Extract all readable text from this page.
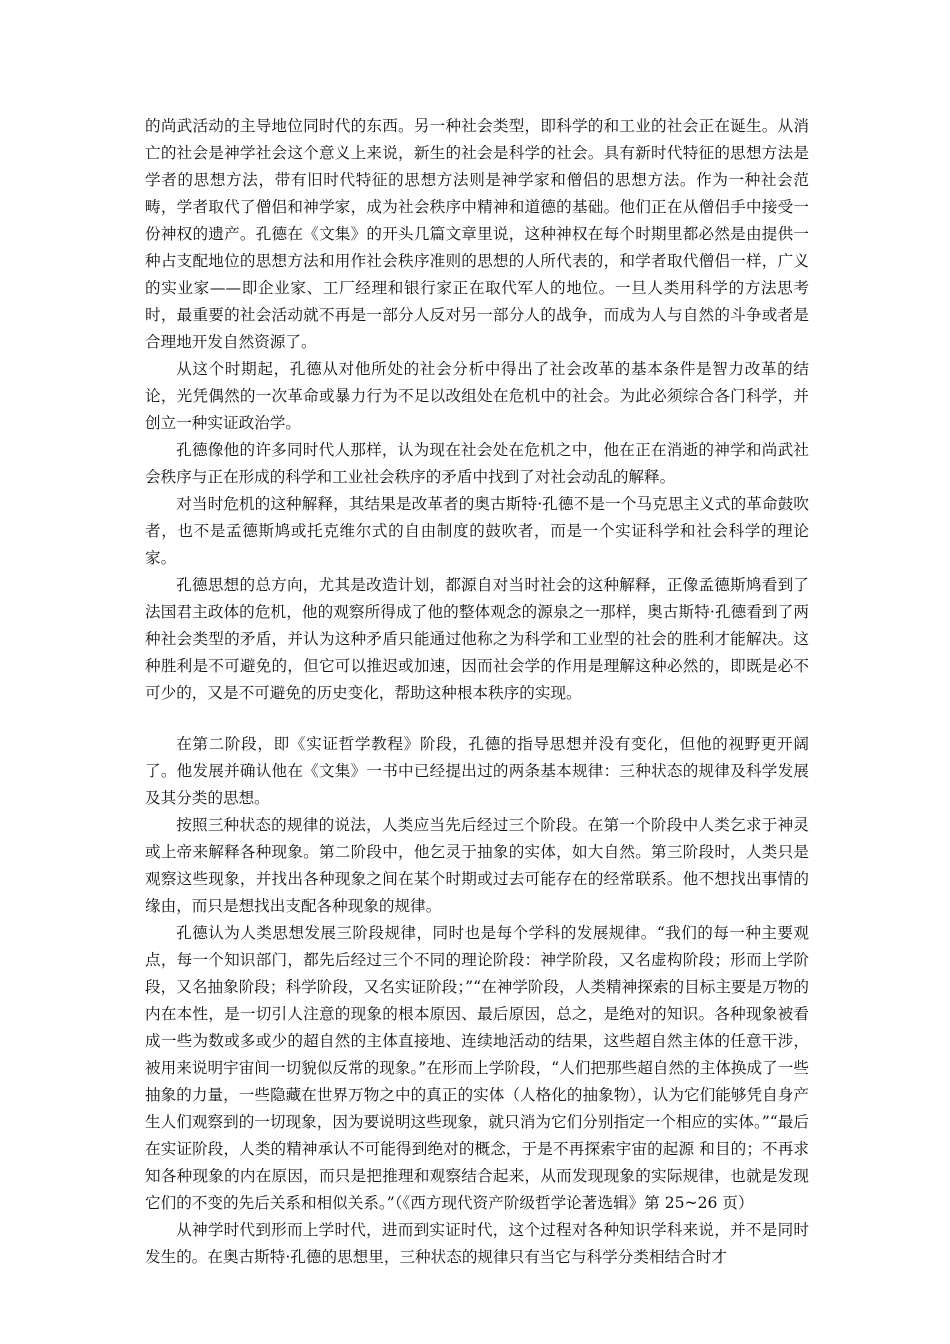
的尚武活动的主导地位同时代的东西。另一种社会类型，即科学的和工业的社会正在诞生。从消亡的社会是神学社会这个意义上来说，新生的社会是科学的社会。具有新时代特征的思想方法是学者的思想方法，带有旧时代特征的思想方法则是神学家和僧侣的思想方法。作为一种社会范畴，学者取代了僧侣和神学家，成为社会秩序中精神和道德的基础。他们正在从僧侣手中接受一份神权的遗产。孔德在《文集》的开头几篇文章里说，这种神权在每个时期里都必然是由提供一种占支配地位的思想方法和用作社会秩序准则的思想的人所代表的，和学者取代僧侣一样，广义的实业家——即企业家、工厂经理和银行家正在取代军人的地位。一旦人类用科学的方法思考时，最重要的社会活动就不再是一部分人反对另一部分人的战争，而成为人与自然的斗争或者是合理地开发自然资源了。

从这个时期起，孔德从对他所处的社会分析中得出了社会改革的基本条件是智力改革的结论，光凭偶然的一次革命或暴力行为不足以改组处在危机中的社会。为此必须综合各门科学，并创立一种实证政治学。

孔德像他的许多同时代人那样，认为现在社会处在危机之中，他在正在消逝的神学和尚武社会秩序与正在形成的科学和工业社会秩序的矛盾中找到了对社会动乱的解释。

对当时危机的这种解释，其结果是改革者的奥古斯特·孔德不是一个马克思主义式的革命鼓吹者，也不是孟德斯鸠或托克维尔式的自由制度的鼓吹者，而是一个实证科学和社会科学的理论家。

孔德思想的总方向，尤其是改造计划，都源自对当时社会的这种解释，正像孟德斯鸠看到了法国君主政体的危机，他的观察所得成了他的整体观念的源泉之一那样，奥古斯特·孔德看到了两种社会类型的矛盾，并认为这种矛盾只能通过他称之为科学和工业型的社会的胜利才能解决。这种胜利是不可避免的，但它可以推迟或加速，因而社会学的作用是理解这种必然的，即既是必不可少的，又是不可避免的历史变化，帮助这种根本秩序的实现。

在第二阶段，即《实证哲学教程》阶段，孔德的指导思想并没有变化，但他的视野更开阔了。他发展并确认他在《文集》一书中已经提出过的两条基本规律：三种状态的规律及科学发展及其分类的思想。

按照三种状态的规律的说法，人类应当先后经过三个阶段。在第一个阶段中人类乞求于神灵或上帝来解释各种现象。第二阶段中，他乞灵于抽象的实体，如大自然。第三阶段时，人类只是观察这些现象，并找出各种现象之间在某个时期或过去可能存在的经常联系。他不想找出事情的缘由，而只是想找出支配各种现象的规律。

孔德认为人类思想发展三阶段规律，同时也是每个学科的发展规律。“我们的每一种主要观点，每一个知识部门，都先后经过三个不同的理论阶段：神学阶段，又名虚构阶段；形而上学阶段，又名抽象阶段；科学阶段，又名实证阶段；”“在神学阶段，人类精神探索的目标主要是万物的内在本性，是一切引人注意的现象的根本原因、最后原因，总之，是绝对的知识。各种现象被看成一些为数或多或少的超自然的主体直接地、连续地活动的结果，这些超自然主体的任意干涉，被用来说明宇宙间一切貌似反常的现象。”在形而上学阶段，“人们把那些超自然的主体换成了一些抽象的力量，一些隐藏在世界万物之中的真正的实体（人格化的抽象物），认为它们能够凭自身产生人们观察到的一切现象，因为要说明这些现象，就只消为它们分别指定一个相应的实体。”“最后在实证阶段，人类的精神承认不可能得到绝对的概念，于是不再探索宇宙的起源 和目的；不再求知各种现象的内在原因，而只是把推理和观察结合起来，从而发现现象的实际规律，也就是发现它们的不变的先后关系和相似关系。”（《西方现代资产阶级哲学论著选辑》第 25~26 页）

从神学时代到形而上学时代，进而到实证时代，这个过程对各种知识学科来说，并不是同时发生的。在奥古斯特·孔德的思想里，三种状态的规律只有当它与科学分类相结合时才
